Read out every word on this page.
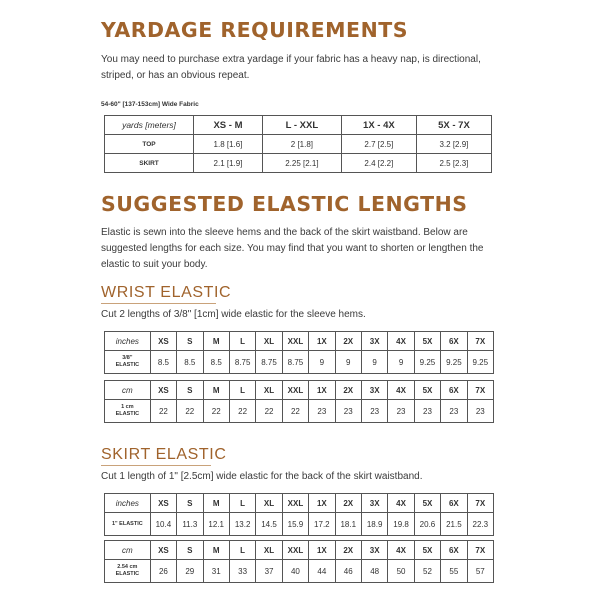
YARDAGE REQUIREMENTS

You may need to purchase extra yardage if your fabric has a heavy nap, is directional, striped, or has an obvious repeat.

54-60" [137-153cm] Wide Fabric
yards [meters]	XS - M	L - XXL	1X - 4X	5X - 7X
TOP	1.8 [1.6]	2 [1.8]	2.7 [2.5]	3.2 [2.9]
SKIRT	2.1 [1.9]	2.25 [2.1]	2.4 [2.2]	2.5 [2.3]
SUGGESTED ELASTIC LENGTHS

Elastic is sewn into the sleeve hems and the back of the skirt waistband. Below are suggested lengths for each size. You may find that you want to shorten or lengthen the elastic to suit your body.

WRIST ELASTIC

Cut 2 lengths of 3/8" [1cm] wide elastic for the sleeve hems.

inches	XS	S	M	L	XL	XXL	1X	2X	3X	4X	5X	6X	7X

3/8"
ELASTIC	8.5	8.5	8.5	8.75	8.75	8.75	9	9	9	9	9.25	9.25	9.25
cm	XS	S	M	L	XL	XXL	1X	2X	3X	4X	5X	6X	7X

1 cm
ELASTIC	22	22	22	22	22	22	23	23	23	23	23	23	23
SKIRT ELASTIC

Cut 1 length of 1" [2.5cm] wide elastic for the back of the skirt waistband.

inches	XS	S	M	L	XL	XXL	1X	2X	3X	4X	5X	6X	7X

1" ELASTIC	10.4	11.3	12.1	13.2	14.5	15.9	17.2	18.1	18.9	19.8	20.6	21.5	22.3
cm	XS	S	M	L	XL	XXL	1X	2X	3X	4X	5X	6X	7X

2.54 cm
ELASTIC	26	29	31	33	37	40	44	46	48	50	52	55	57
